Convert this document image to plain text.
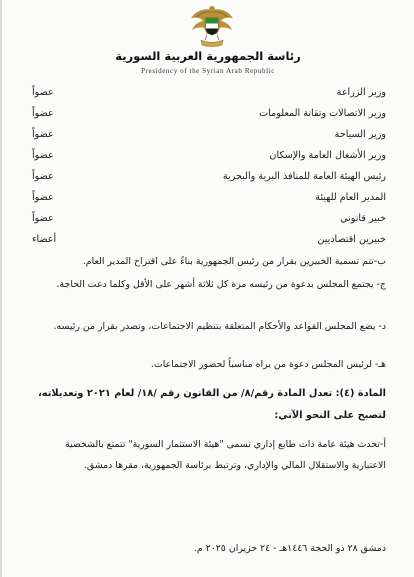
رئاسة الجمهورية العربية السورية
Presidency of the Syrian Arab Republic
وزير الزراعة
عضواً
وزير الاتصالات وتقانة المعلومات
عضواً
وزير السياحة
عضواً
وزير الأشغال العامة والإسكان
عضواً
رئيس الهيئة العامة للمنافذ البرية والبحرية
عضواً
المدير العام للهيئة
عضواً
خبير قانوني
عضواً
خبيرين اقتصاديين
أعضاء
ب-تتم تسمية الخبيرين بقرار من رئيس الجمهورية بناءً على اقتراح المدير العام.
ج- يجتمع المجلس بدعوة من رئيسه مرة كل ثلاثة أشهر على الأقل وكلما دعت الحاجة.
د- يضع المجلس القواعد والأحكام المتعلقة بتنظيم الاجتماعات، وتصدر بقرار من رئيسه.
هـ- لرئيس المجلس دعوة من يراه مناسباً لحضور الاجتماعات.
المادة (٤): تعدل المادة رقم/٨/ من القانون رقم /١٨/ لعام ٢٠٢١ وتعديلاته، لتصبح على النحو الآتي:
أ-تحدث هيئة عامة ذات طابع إداري تسمى "هيئة الاستثمار السورية" تتمتع بالشخصية الاعتبارية والاستقلال المالي والإداري، وترتبط برئاسة الجمهورية، مقرها دمشق.
دمشق ٢٨ ذو الحجة ١٤٤٦هـ - ٢٤ حزيران ٢٠٢٥ م.
